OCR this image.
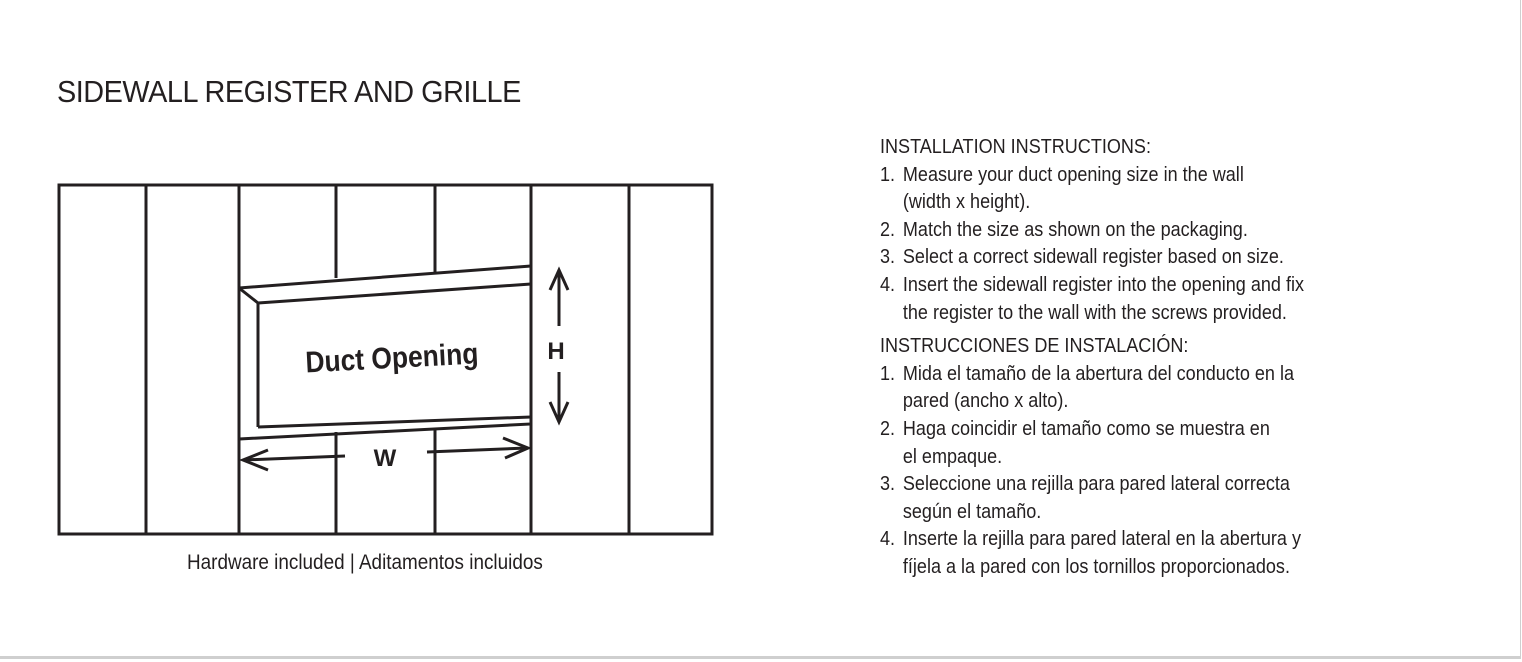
SIDEWALL REGISTER AND GRILLE
Duct Opening	H
W
Hardware included | Aditamentos incluidos
INSTALLATION INSTRUCTIONS:
1. Measure your duct opening size in the wall
(width x height).
2. Match the size as shown on the packaging.
3. Select a correct sidewall register based on size.
4. Insert the sidewall register into the opening and fix
the register to the wall with the screws provided.
INSTRUCCIONES DE INSTALACIÓN:
1. Mida el tamaño de la abertura del conducto en la
pared (ancho x alto).
2. Haga coincidir el tamaño como se muestra en
el empaque.
3. Seleccione una rejilla para pared lateral correcta
según el tamaño.
4. Inserte la rejilla para pared lateral en la abertura y
fíjela a la pared con los tornillos proporcionados.
